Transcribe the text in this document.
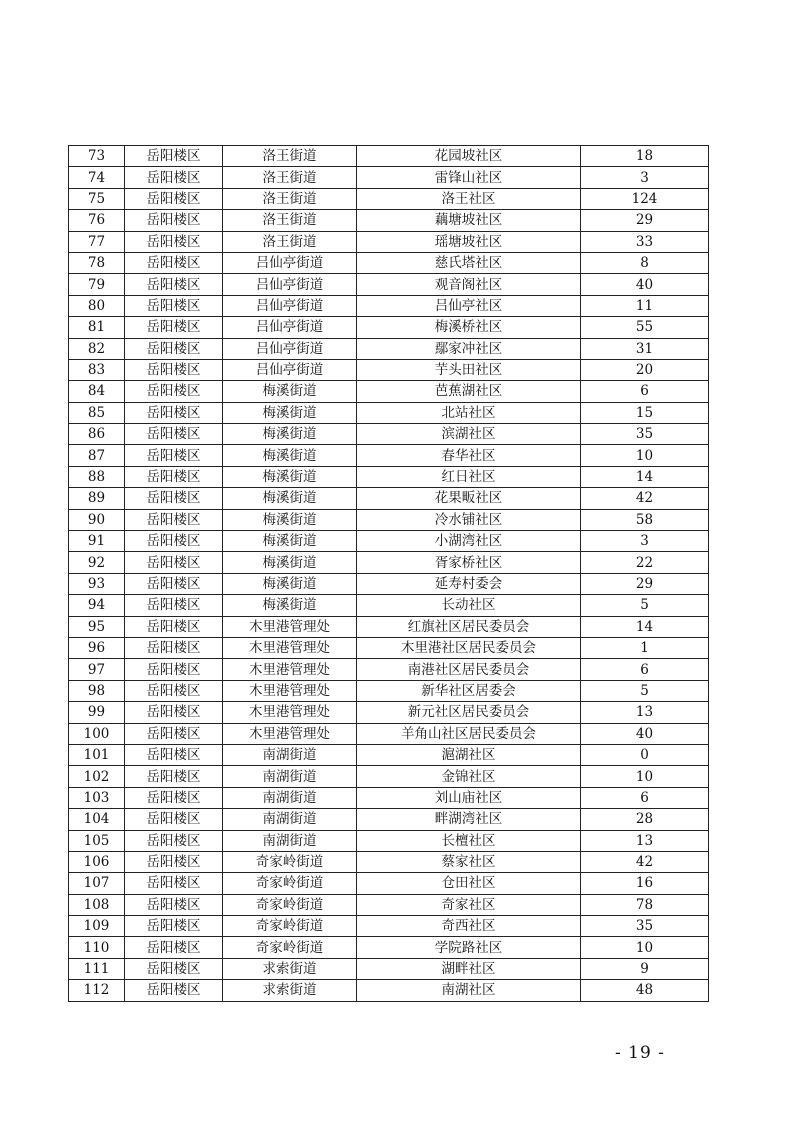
73	岳阳楼区	洛王街道	花园坡社区	18
74	岳阳楼区	洛王街道	雷锋山社区	3
75	岳阳楼区	洛王街道	洛王社区	124
76	岳阳楼区	洛王街道	藕塘坡社区	29
77	岳阳楼区	洛王街道	瑶塘坡社区	33
78	岳阳楼区	吕仙亭街道	慈氏塔社区	8
79	岳阳楼区	吕仙亭街道	观音阁社区	40
80	岳阳楼区	吕仙亭街道	吕仙亭社区	11
81	岳阳楼区	吕仙亭街道	梅溪桥社区	55
82	岳阳楼区	吕仙亭街道	鄢家冲社区	31
83	岳阳楼区	吕仙亭街道	芋头田社区	20
84	岳阳楼区	梅溪街道	芭蕉湖社区	6
85	岳阳楼区	梅溪街道	北站社区	15
86	岳阳楼区	梅溪街道	滨湖社区	35
87	岳阳楼区	梅溪街道	春华社区	10
88	岳阳楼区	梅溪街道	红日社区	14
89	岳阳楼区	梅溪街道	花果畈社区	42
90	岳阳楼区	梅溪街道	冷水铺社区	58
91	岳阳楼区	梅溪街道	小湖湾社区	3
92	岳阳楼区	梅溪街道	胥家桥社区	22
93	岳阳楼区	梅溪街道	延寿村委会	29
94	岳阳楼区	梅溪街道	长动社区	5
95	岳阳楼区	木里港管理处	红旗社区居民委员会	14
96	岳阳楼区	木里港管理处	木里港社区居民委员会	1
97	岳阳楼区	木里港管理处	南港社区居民委员会	6
98	岳阳楼区	木里港管理处	新华社区居委会	5
99	岳阳楼区	木里港管理处	新元社区居民委员会	13
100	岳阳楼区	木里港管理处	羊角山社区居民委员会	40
101	岳阳楼区	南湖街道	滬湖社区	0
102	岳阳楼区	南湖街道	金锦社区	10
103	岳阳楼区	南湖街道	刘山庙社区	6
104	岳阳楼区	南湖街道	畔湖湾社区	28
105	岳阳楼区	南湖街道	长檀社区	13
106	岳阳楼区	奇家岭街道	蔡家社区	42
107	岳阳楼区	奇家岭街道	仓田社区	16
108	岳阳楼区	奇家岭街道	奇家社区	78
109	岳阳楼区	奇家岭街道	奇西社区	35
110	岳阳楼区	奇家岭街道	学院路社区	10
111	岳阳楼区	求索街道	湖畔社区	9
112	岳阳楼区	求索街道	南湖社区	48
- 19 -
